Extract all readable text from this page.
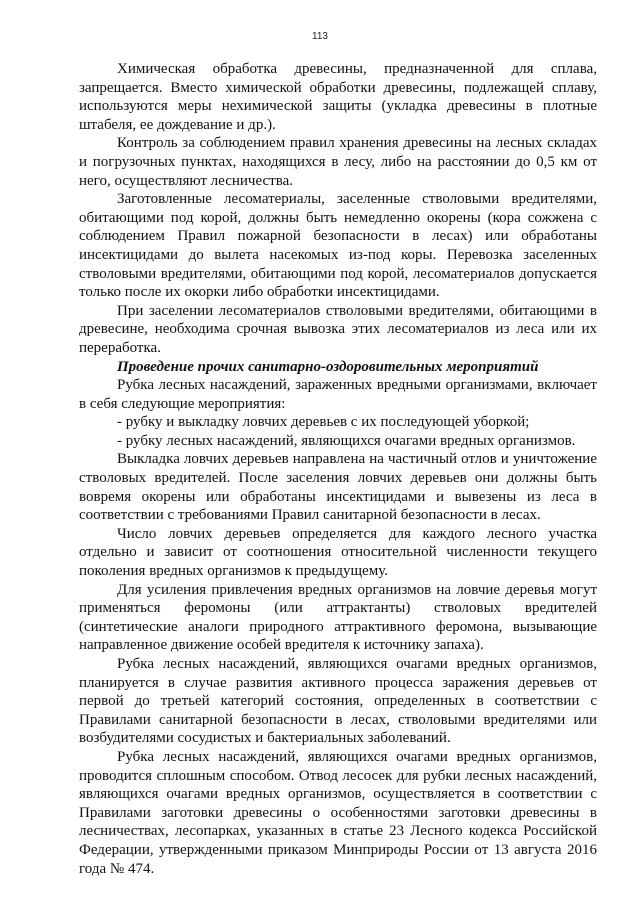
113

Химическая обработка древесины, предназначенной для сплава, запрещается. Вместо химической обработки древесины, подлежащей сплаву, используются меры нехимической защиты (укладка древесины в плотные штабеля, ее дождевание и др.).

Контроль за соблюдением правил хранения древесины на лесных складах и погрузочных пунктах, находящихся в лесу, либо на расстоянии до 0,5 км от него, осуществляют лесничества.

Заготовленные лесоматериалы, заселенные стволовыми вредителями, обитающими под корой, должны быть немедленно окорены (кора сожжена с соблюдением Правил пожарной безопасности в лесах) или обработаны инсектицидами до вылета насекомых из-под коры. Перевозка заселенных стволовыми вредителями, обитающими под корой, лесоматериалов допускается только после их окорки либо обработки инсектицидами.

При заселении лесоматериалов стволовыми вредителями, обитающими в древесине, необходима срочная вывозка этих лесоматериалов из леса или их переработка.

Проведение прочих санитарно-оздоровительных мероприятий

Рубка лесных насаждений, зараженных вредными организмами, включает в себя следующие мероприятия:

- рубку и выкладку ловчих деревьев с их последующей уборкой;

- рубку лесных насаждений, являющихся очагами вредных организмов.

Выкладка ловчих деревьев направлена на частичный отлов и уничтожение стволовых вредителей. После заселения ловчих деревьев они должны быть вовремя окорены или обработаны инсектицидами и вывезены из леса в соответствии с требованиями Правил санитарной безопасности в лесах.

Число ловчих деревьев определяется для каждого лесного участка отдельно и зависит от соотношения относительной численности текущего поколения вредных организмов к предыдущему.

Для усиления привлечения вредных организмов на ловчие деревья могут применяться феромоны (или аттрактанты) стволовых вредителей (синтетические аналоги природного аттрактивного феромона, вызывающие направленное движение особей вредителя к источнику запаха).

Рубка лесных насаждений, являющихся очагами вредных организмов, планируется в случае развития активного процесса заражения деревьев от первой до третьей категорий состояния, определенных в соответствии с Правилами санитарной безопасности в лесах, стволовыми вредителями или возбудителями сосудистых и бактериальных заболеваний.

Рубка лесных насаждений, являющихся очагами вредных организмов, проводится сплошным способом. Отвод лесосек для рубки лесных насаждений, являющихся очагами вредных организмов, осуществляется в соответствии с Правилами заготовки древесины о особенностями заготовки древесины в лесничествах, лесопарках, указанных в статье 23 Лесного кодекса Российской Федерации, утвержденными приказом Минприроды России от 13 августа 2016 года № 474.
